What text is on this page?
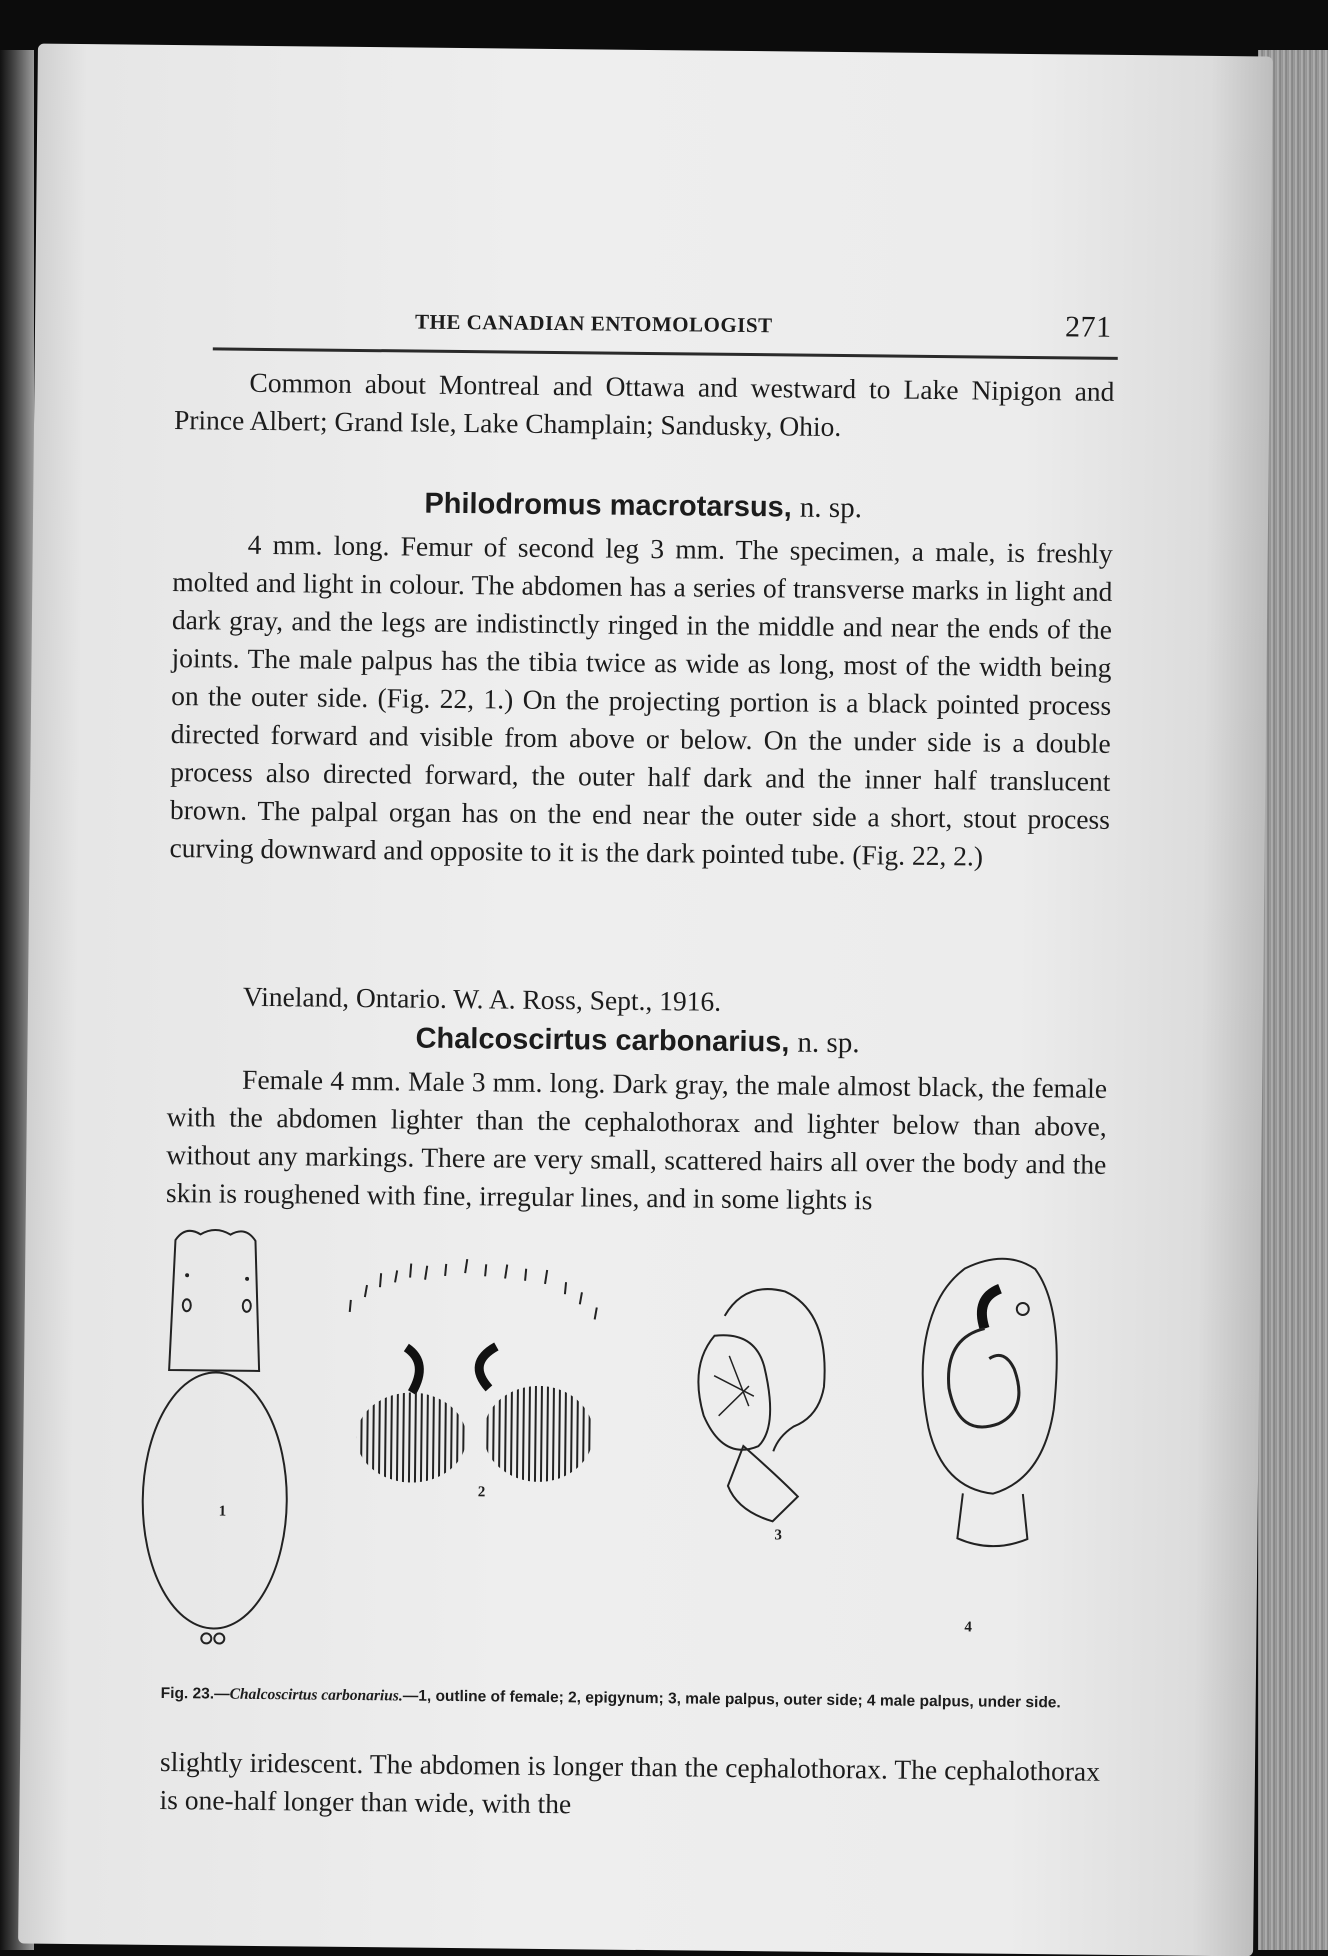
THE CANADIAN ENTOMOLOGIST	271

Common about Montreal and Ottawa and westward to Lake Nipigon and Prince Albert; Grand Isle, Lake Champlain; Sandusky, Ohio.

Philodromus macrotarsus, n. sp.

4 mm. long. Femur of second leg 3 mm. The specimen, a male, is freshly molted and light in colour. The abdomen has a series of transverse marks in light and dark gray, and the legs are indistinctly ringed in the middle and near the ends of the joints. The male palpus has the tibia twice as wide as long, most of the width being on the outer side. (Fig. 22, 1.) On the projecting portion is a black pointed process directed forward and visible from above or below. On the under side is a double process also directed forward, the outer half dark and the inner half translucent brown. The palpal organ has on the end near the outer side a short, stout process curving downward and opposite to it is the dark pointed tube. (Fig. 22, 2.)

Vineland, Ontario. W. A. Ross, Sept., 1916.

Chalcoscirtus carbonarius, n. sp.

Female 4 mm. Male 3 mm. long. Dark gray, the male almost black, the female with the abdomen lighter than the cephalothorax and lighter below than above, without any markings. There are very small, scattered hairs all over the body and the skin is roughened with fine, irregular lines, and in some lights is

1
2
3
4
Fig. 23.—Chalcoscirtus carbonarius.—1, outline of female; 2, epigynum; 3, male palpus, outer side; 4 male palpus, under side.

slightly iridescent. The abdomen is longer than the cephalothorax. The cephalothorax is one-half longer than wide, with the
